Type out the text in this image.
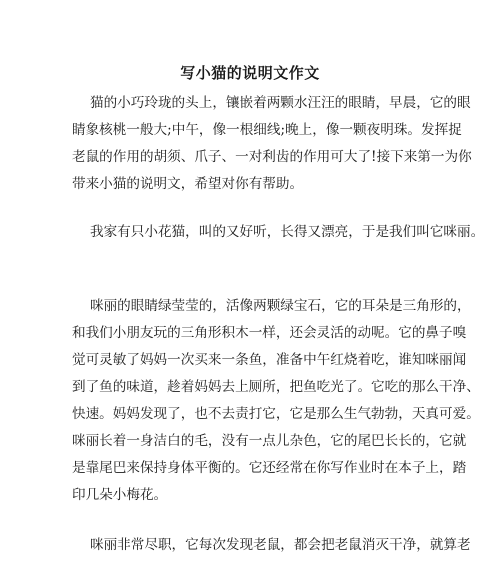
写小猫的说明文作文
猫的小巧玲珑的头上，镶嵌着两颗水汪汪的眼睛，早晨，它的眼
睛象核桃一般大;中午，像一根细线;晚上，像一颗夜明珠。发挥捉
老鼠的作用的胡须、爪子、一对利齿的作用可大了!接下来第一为你
带来小猫的说明文，希望对你有帮助。
我家有只小花猫，叫的又好听，长得又漂亮，于是我们叫它咪丽。
咪丽的眼睛绿莹莹的，活像两颗绿宝石，它的耳朵是三角形的，
和我们小朋友玩的三角形积木一样，还会灵活的动呢。它的鼻子嗅
觉可灵敏了妈妈一次买来一条鱼，准备中午红烧着吃，谁知咪丽闻
到了鱼的味道，趁着妈妈去上厕所，把鱼吃光了。它吃的那么干净、
快速。妈妈发现了，也不去责打它，它是那么生气勃勃，天真可爱。
咪丽长着一身洁白的毛，没有一点儿杂色，它的尾巴长长的，它就
是靠尾巴来保持身体平衡的。它还经常在你写作业时在本子上，踏
印几朵小梅花。
咪丽非常尽职，它每次发现老鼠，都会把老鼠消灭干净，就算老
